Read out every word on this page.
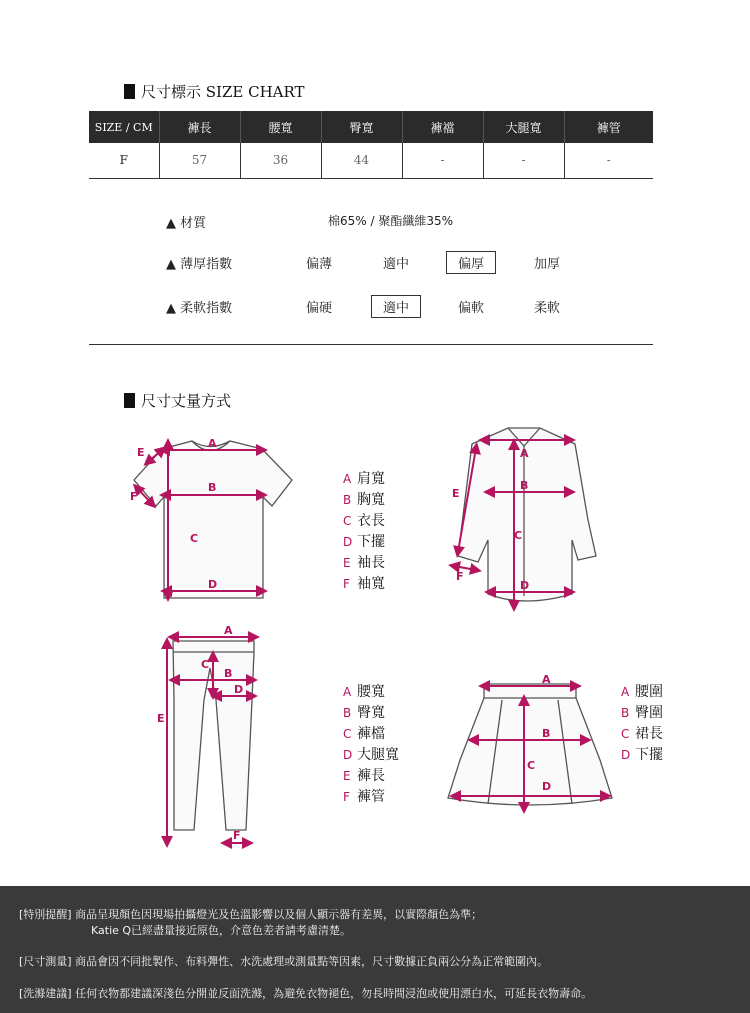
尺寸標示 SIZE CHART
SIZE / CM	褲長	腰寬	臀寬	褲襠	大腿寬	褲管
F	57	36	44	-	-	-
▲ 材質	棉65% / 聚酯纖維35%
▲ 薄厚指數	偏薄	適中	偏厚	加厚
▲ 柔軟指數	偏硬	適中	偏軟	柔軟
尺寸丈量方式
A
B
C
D
E
F
A
B
C
D
E
F
A
B
C
D
E
F
A
B
C
D
A 肩寬
B 胸寬
C 衣長
D 下擺
E 袖長
F 袖寬
A 腰寬
B 臀寬
C 褲檔
D 大腿寬
E 褲長
F 褲管
A 腰圍
B 臀圍
C 裙長
D 下擺
[特別提醒] 商品呈現顏色因現場拍攝燈光及色溫影響以及個人顯示器有差異，以實際顏色為準；
Katie Q已經盡量接近原色，介意色差者請考慮清楚。
[尺寸測量] 商品會因不同批製作、布料彈性、水洗處理或測量點等因素，尺寸數據正負兩公分為正常範圍內。
[洗滌建議] 任何衣物都建議深淺色分開並反面洗滌，為避免衣物褪色，勿長時間浸泡或使用漂白水，可延長衣物壽命。
